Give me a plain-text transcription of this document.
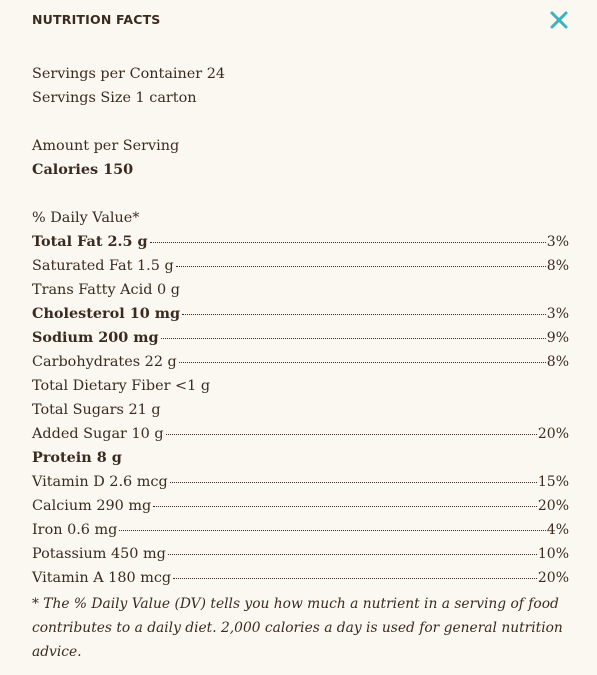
NUTRITION FACTS
Servings per Container 24
Servings Size 1 carton
Amount per Serving
Calories 150
% Daily Value*
Total Fat 2.5 g	3%
Saturated Fat 1.5 g	8%
Trans Fatty Acid 0 g
Cholesterol 10 mg	3%
Sodium 200 mg	9%
Carbohydrates 22 g	8%
Total Dietary Fiber <1 g
Total Sugars 21 g
Added Sugar 10 g	20%
Protein 8 g
Vitamin D 2.6 mcg	15%
Calcium 290 mg	20%
Iron 0.6 mg	4%
Potassium 450 mg	10%
Vitamin A 180 mcg	20%
* The % Daily Value (DV) tells you how much a nutrient in a serving of food contributes to a daily diet. 2,000 calories a day is used for general nutrition advice.
